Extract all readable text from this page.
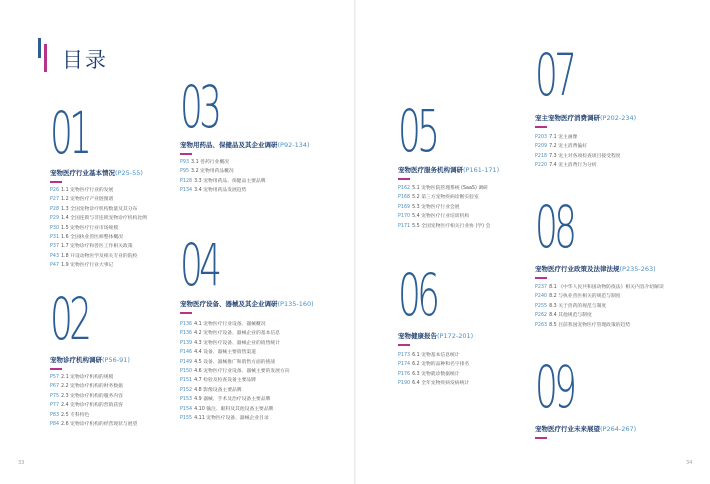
目录
01
宠物医疗行业基本情况(P25-55)
P26 1.1 宠物医疗行业的发展
P27 1.2 宠物医疗产业链图谱
P28 1.3 全国宠物诊疗机构数量及其分布
P29 1.4 全国连锁与非连锁宠物诊疗机构比例
P30 1.5 宠物医疗行业市场规模
P31 1.6 全国执业兽医师整体概况
P37 1.7 宠物诊疗和兽医工作相关政策
P43 1.8 开设动物医学及相关专业的院校
P47 1.9 宠物医疗行业大事记
02
宠物诊疗机构调研(P56-91)
P57 2.1 宠物诊疗机构的规模
P67 2.2 宠物诊疗机构的财务数据
P75 2.3 宠物诊疗机构的服务内容
P77 2.4 宠物诊疗机构的营销获客
P83 2.5 专科特色
P84 2.6 宠物诊疗机构的经营现状与展望
03
宠物用药品、保健品及其企业调研(P92-134)
P93 3.1 兽药行业概况
P95 3.2 宠物用药品概况
P128 3.3 宠物用药品、保健品主要品牌
P134 3.4 宠物用药品发展趋势
04
宠物医疗设备、器械及其企业调研(P135-160)
P136 4.1 宠物医疗行业设备、器械概况
P136 4.2 宠物医疗设备、器械企业的基本信息
P139 4.3 宠物医疗设备、器械企业的销售统计
P146 4.4 设备、器械主要销售渠道
P149 4.5 设备、器械推广和销售方面的挑战
P150 4.6 宠物医疗行业设备、器械主要的发展方向
P151 4.7 检验及检查设备主要品牌
P152 4.8 影像设备主要品牌
P153 4.9 器械、手术及治疗设备主要品牌
P154 4.10 输注、眼科及其他设备主要品牌
P155 4.11 宠物医疗设备、器械企业目录
05
宠物医疗服务机构调研(P161-171)
P162 5.1 宠物医院管理系统 (SaaS) 调研
P168 5.2 第三方宠物疾病诊断实验室
P169 5.3 宠物医疗行业会展
P170 5.4 宠物医疗行业培训机构
P171 5.5 全国宠物医疗相关行业协 (学) 会
06
宠物健康报告(P172-201)
P173 6.1 宠物基本信息统计
P174 6.2 宠物的品种和名字排名
P176 6.3 宠物就诊数据统计
P190 6.4 全年宠物疾病发病统计
07
宠主宠物医疗消费调研(P202-234)
P203 7.1 宠主画像
P209 7.2 宠主消费偏好
P218 7.3 宠主对各项检查项目接受程度
P220 7.4 宠主消费行为分析
08
宠物医疗行业政策及法律法规(P235-263)
P237 8.1 《中华人民共和国动物防疫法》相关内容介绍解读
P240 8.2 与执业兽医相关的规范与制度
P255 8.3 关于兽药的规范与制度
P262 8.4 其他规范与制度
P263 8.5 目前我国宠物医疗管理政策的趋势
09
宠物医疗行业未来展望(P264-267)
33	34
